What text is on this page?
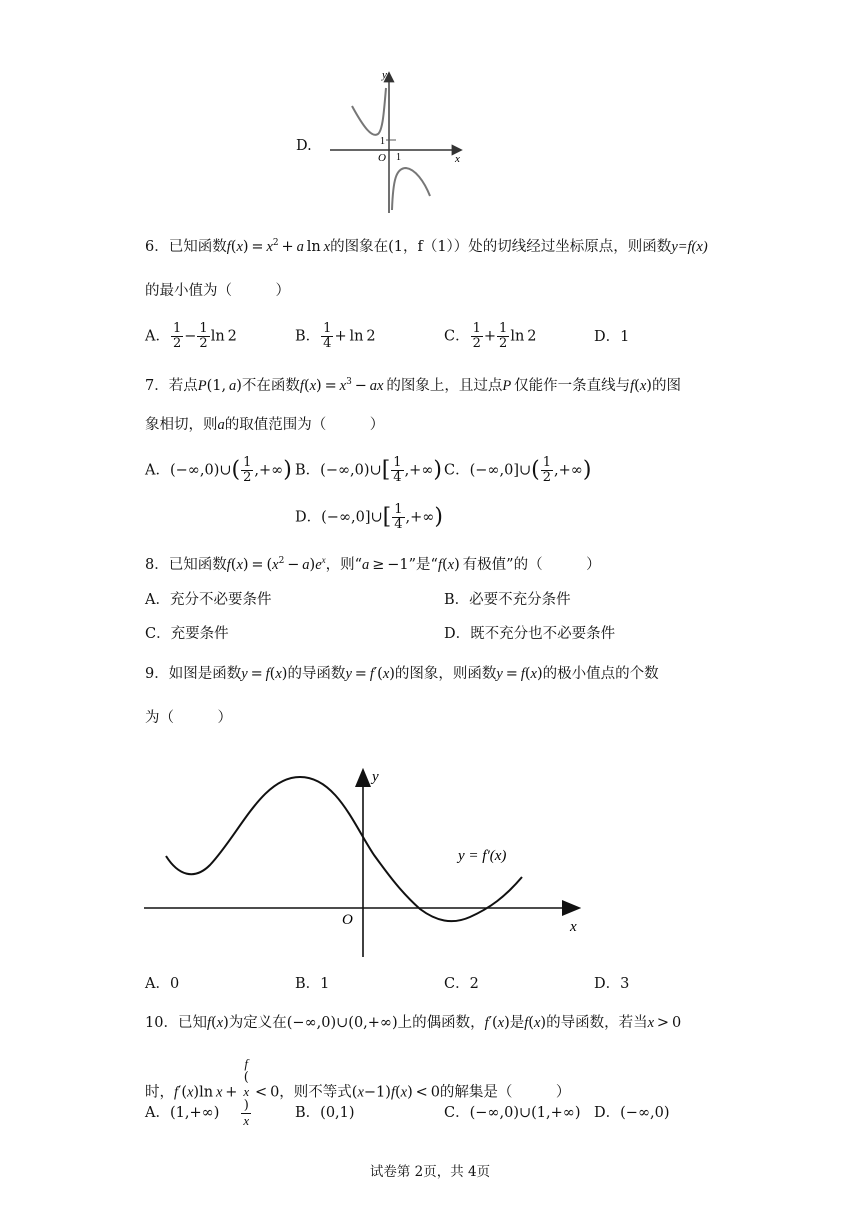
D.
y
x
O
1
1
6．已知函数$f(x) = x^2 + a$ ln x的图象在(1，f（1））处的切线经过坐标原点，则函数y=f(x)
的最小值为（　　　）
A． $\frac{1}{2} - \frac{1}{2}$ ln 2	B． $\frac{1}{4} + \ln 2$	C． $\frac{1}{2} + \frac{1}{2}$ ln 2	D．1
7．若点P(1, a)不在函数$f(x) = x^3$ − ax  的图象上，且过点P  仅能作一条直线与f(x)的图
象相切，则a的取值范围为（　　　）
A．(−∞,0)∪( $\frac{1}{2}$ ,+∞) B．(−∞,0)∪[ $\frac{1}{4}$ ,+∞) C．(−∞,0]∪( $\frac{1}{2}$ ,+∞)
D．(−∞,0]∪[ $\frac{1}{4}$ ,+∞)
8．已知函数$f(x) = (x^2 - a)e^x$，则“a ≥ −1”是“f(x) 有极值”的（　　　）
A．充分不必要条件	B．必要不充分条件
C．充要条件	D．既不充分也不必要条件
9．如图是函数y = f(x)的导函数y = f′(x)的图象，则函数y = f(x)的极小值点的个数
为（　　　）
y
x
O
y = f′(x)
A．0	B．1	C．2	D．3
10．已知f(x)为定义在(−∞,0)∪(0,+∞)上的偶函数，f′(x)是f(x)的导函数，若当x > 0
时，f′(x)ln x +  f
(
x
)
x  < 0，则不等式(x−1)f(x) < 0的解集是（　　　）
A．(1,+∞)	B．(0,1)	C．(−∞,0)∪(1,+∞) D．(−∞,0)
试卷第 2页，共 4页
